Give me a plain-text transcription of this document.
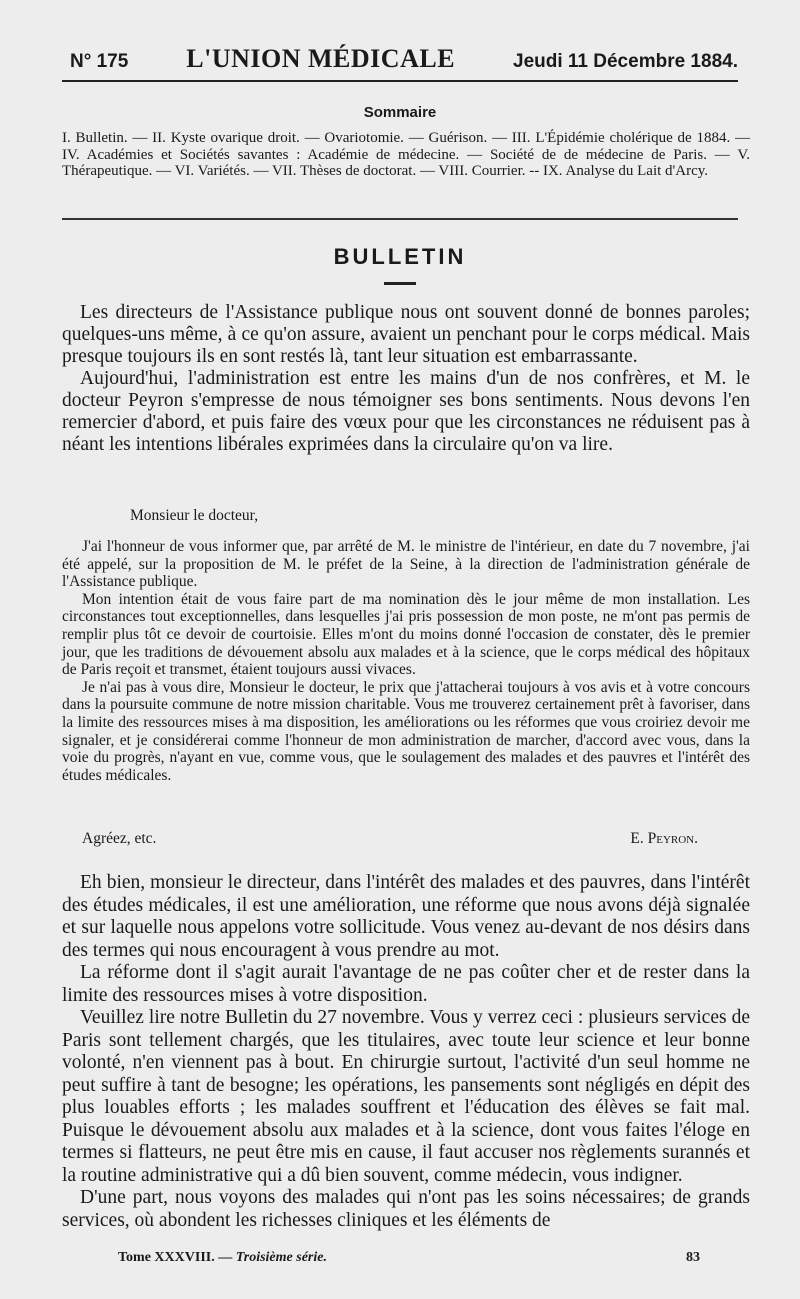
N° 175 L'UNION MÉDICALE	Jeudi 11 Décembre 1884.
Sommaire
I. Bulletin. — II. Kyste ovarique droit. — Ovariotomie. — Guérison. — III. L'Épidémie cholérique de 1884. — IV. Académies et Sociétés savantes : Académie de médecine. — Société de de médecine de Paris. — V. Thérapeutique. — VI. Variétés. — VII. Thèses de doctorat. — VIII. Courrier. -- IX. Analyse du Lait d'Arcy.
BULLETIN

Les directeurs de l'Assistance publique nous ont souvent donné de bonnes paroles; quelques-uns même, à ce qu'on assure, avaient un penchant pour le corps médical. Mais presque toujours ils en sont restés là, tant leur situation est embarrassante.

Aujourd'hui, l'administration est entre les mains d'un de nos confrères, et M. le docteur Peyron s'empresse de nous témoigner ses bons sentiments. Nous devons l'en remercier d'abord, et puis faire des vœux pour que les circonstances ne réduisent pas à néant les intentions libérales exprimées dans la circulaire qu'on va lire.

Monsieur le docteur,

J'ai l'honneur de vous informer que, par arrêté de M. le ministre de l'intérieur, en date du 7 novembre, j'ai été appelé, sur la proposition de M. le préfet de la Seine, à la direction de l'administration générale de l'Assistance publique.

Mon intention était de vous faire part de ma nomination dès le jour même de mon installation. Les circonstances tout exceptionnelles, dans lesquelles j'ai pris possession de mon poste, ne m'ont pas permis de remplir plus tôt ce devoir de courtoisie. Elles m'ont du moins donné l'occasion de constater, dès le premier jour, que les traditions de dévouement absolu aux malades et à la science, que le corps médical des hôpitaux de Paris reçoit et transmet, étaient toujours aussi vivaces.

Je n'ai pas à vous dire, Monsieur le docteur, le prix que j'attacherai toujours à vos avis et à votre concours dans la poursuite commune de notre mission charitable. Vous me trouverez certainement prêt à favoriser, dans la limite des ressources mises à ma disposition, les améliorations ou les réformes que vous croiriez devoir me signaler, et je considérerai comme l'honneur de mon administration de marcher, d'accord avec vous, dans la voie du progrès, n'ayant en vue, comme vous, que le soulagement des malades et des pauvres et l'intérêt des études médicales.

Agréez, etc.	E. Peyron.

Eh bien, monsieur le directeur, dans l'intérêt des malades et des pauvres, dans l'intérêt des études médicales, il est une amélioration, une réforme que nous avons déjà signalée et sur laquelle nous appelons votre sollicitude. Vous venez au-devant de nos désirs dans des termes qui nous encouragent à vous prendre au mot.

La réforme dont il s'agit aurait l'avantage de ne pas coûter cher et de rester dans la limite des ressources mises à votre disposition.

Veuillez lire notre Bulletin du 27 novembre. Vous y verrez ceci : plusieurs services de Paris sont tellement chargés, que les titulaires, avec toute leur science et leur bonne volonté, n'en viennent pas à bout. En chirurgie surtout, l'activité d'un seul homme ne peut suffire à tant de besogne; les opérations, les pansements sont négligés en dépit des plus louables efforts ; les malades souffrent et l'éducation des élèves se fait mal. Puisque le dévouement absolu aux malades et à la science, dont vous faites l'éloge en termes si flatteurs, ne peut être mis en cause, il faut accuser nos règlements surannés et la routine administrative qui a dû bien souvent, comme médecin, vous indigner.

D'une part, nous voyons des malades qui n'ont pas les soins nécessaires; de grands services, où abondent les richesses cliniques et les éléments de

Tome XXXVIII. — Troisième série.	83
